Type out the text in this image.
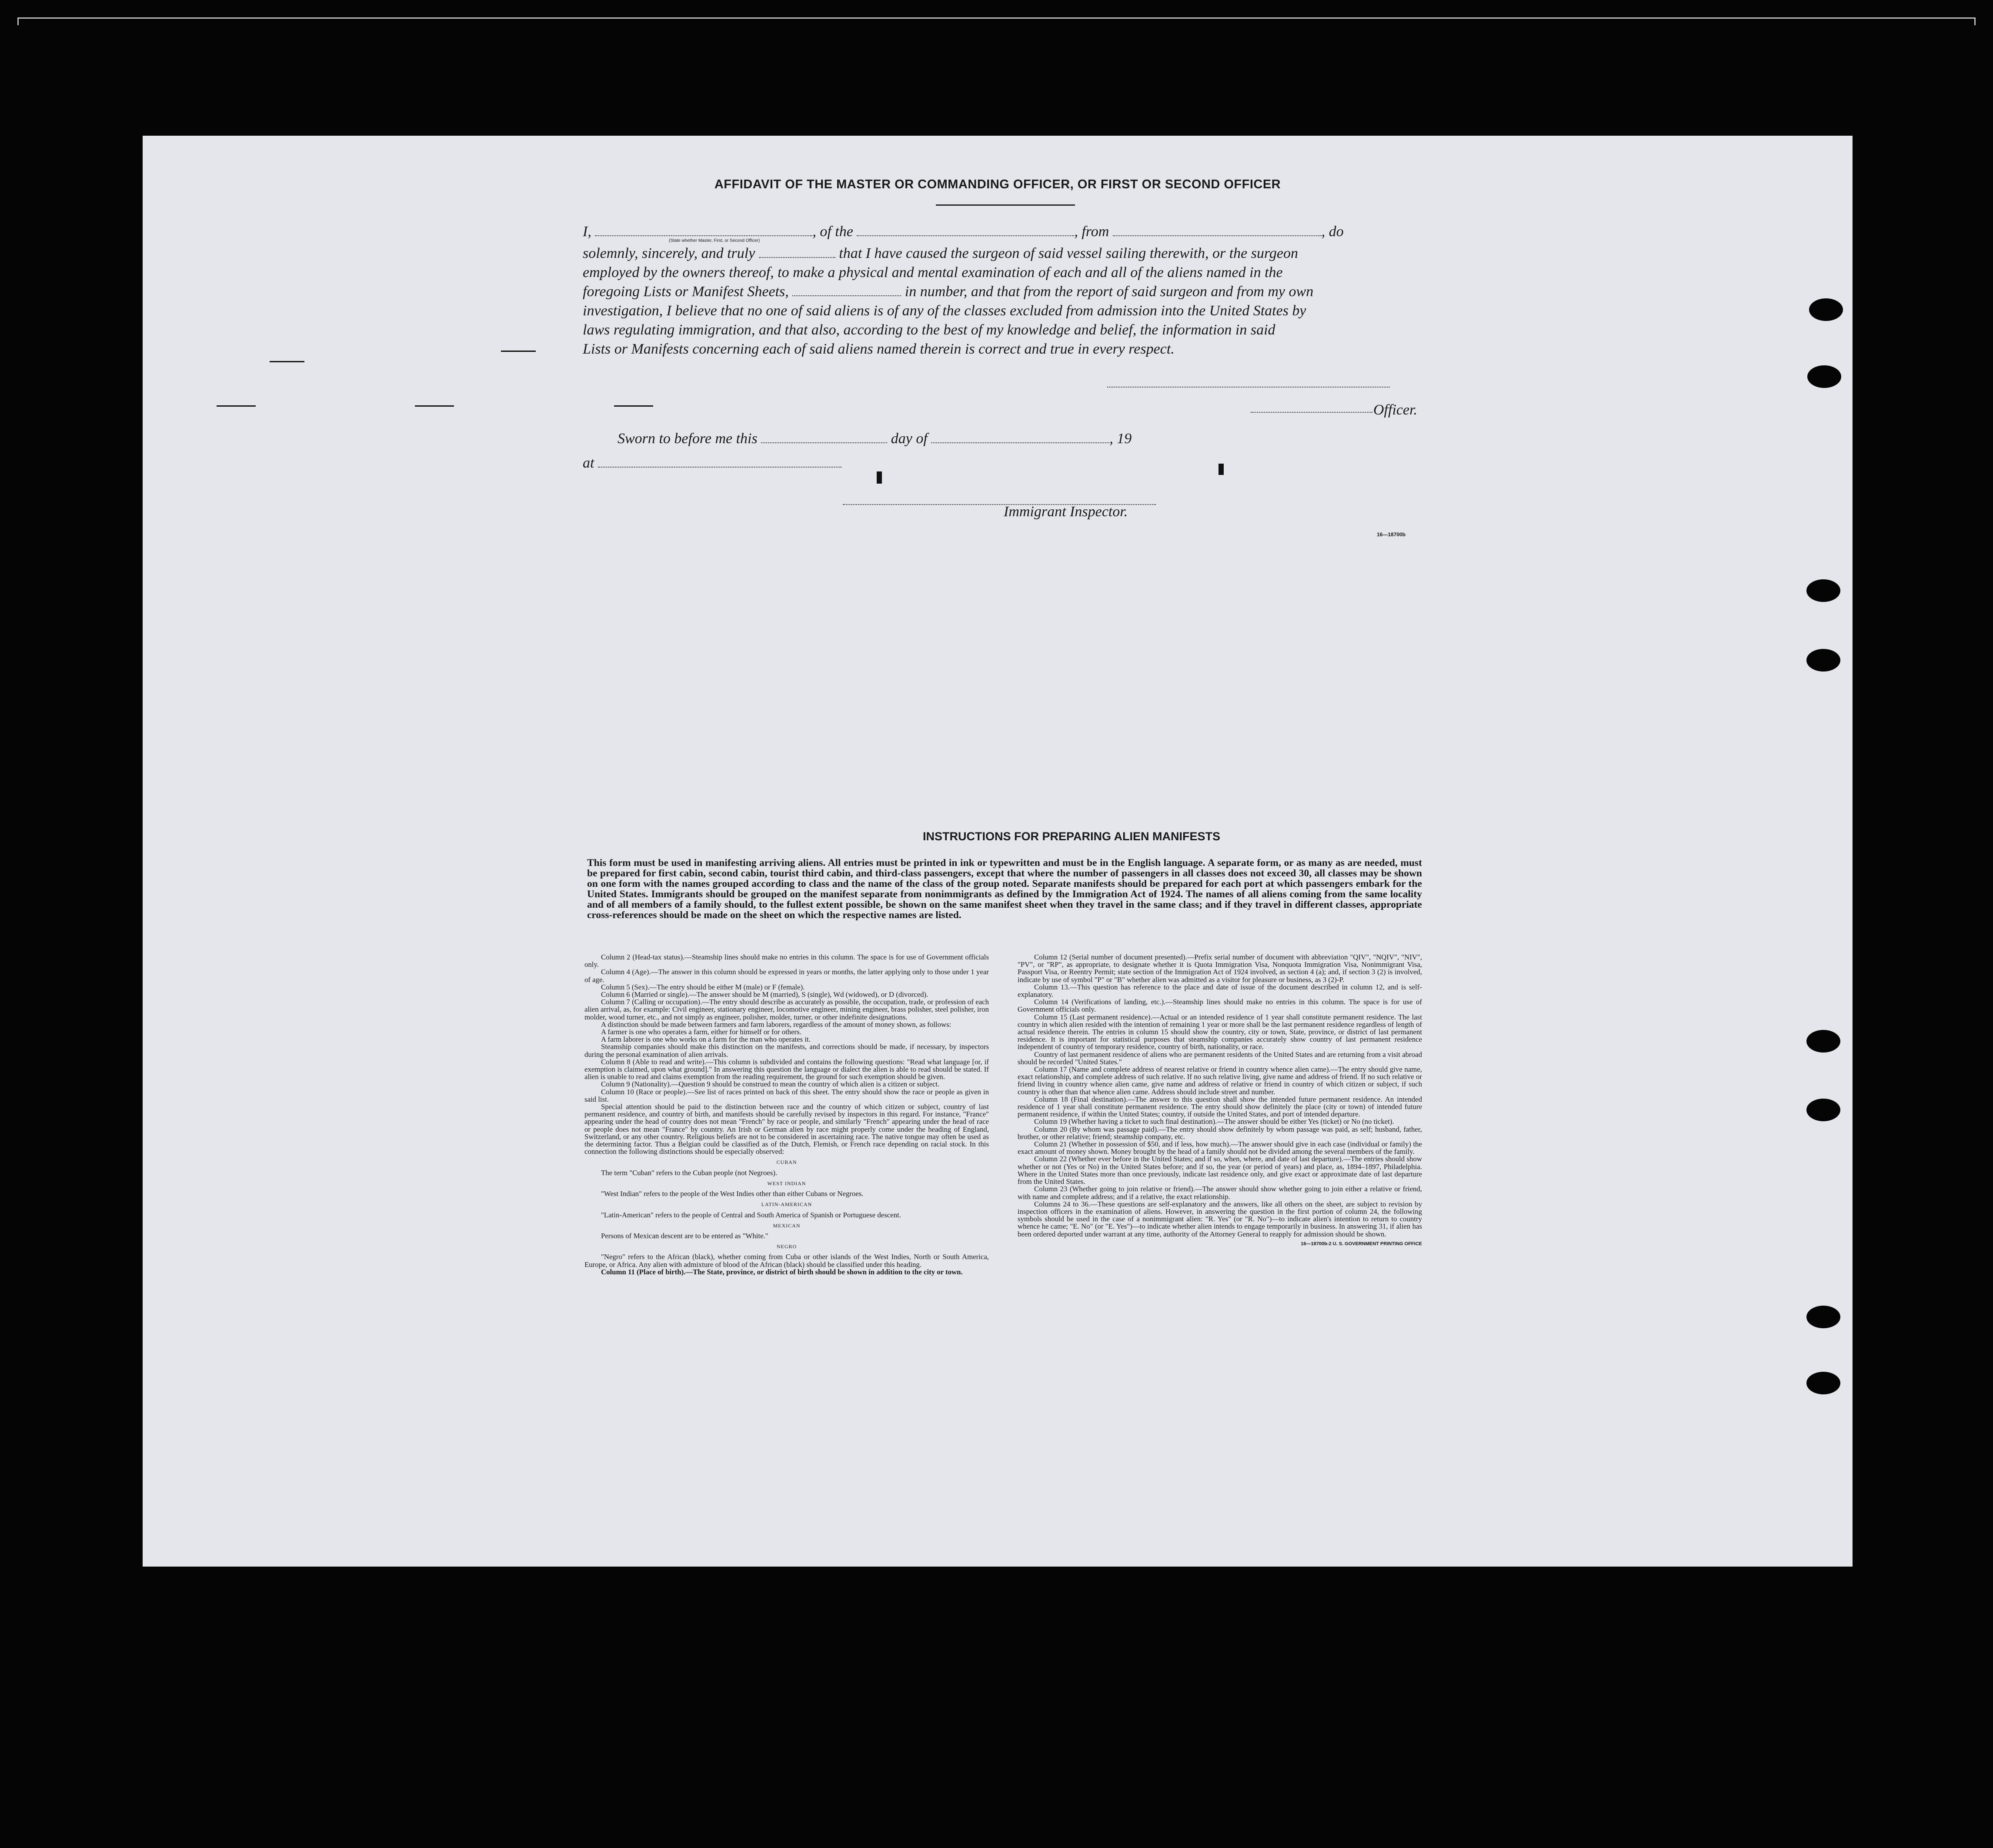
AFFIDAVIT OF THE MASTER OR COMMANDING OFFICER, OR FIRST OR SECOND OFFICER
I,	, of the	, from	, do
(State whether Master, First, or Second Officer)
solemnly, sincerely, and truly	that I have caused the surgeon of said vessel sailing therewith, or the surgeon
employed by the owners thereof, to make a physical and mental examination of each and all of the aliens named in the
foregoing Lists or Manifest Sheets,	in number, and that from the report of said surgeon and from my own
investigation, I believe that no one of said aliens is of any of the classes excluded from admission into the United States by
laws regulating immigration, and that also, according to the best of my knowledge and belief, the information in said
Lists or Manifests concerning each of said aliens named therein is correct and true in every respect.
Officer.
Sworn to before me this	day of	, 19
at
Immigrant Inspector.
16—18700b
INSTRUCTIONS FOR PREPARING ALIEN MANIFESTS
This form must be used in manifesting arriving aliens. All entries must be printed in ink or typewritten and must be in the English language. A separate form, or as many as are needed, must be prepared for first cabin, second cabin, tourist third cabin, and third-class passengers, except that where the number of passengers in all classes does not exceed 30, all classes may be shown on one form with the names grouped according to class and the name of the class of the group noted. Separate manifests should be prepared for each port at which passengers embark for the United States. Immigrants should be grouped on the manifest separate from nonimmigrants as defined by the Immigration Act of 1924. The names of all aliens coming from the same locality and of all members of a family should, to the fullest extent possible, be shown on the same manifest sheet when they travel in the same class; and if they travel in different classes, appropriate cross-references should be made on the sheet on which the respective names are listed.

Column 2 (Head-tax status).—Steamship lines should make no entries in this column. The space is for use of Government officials only.

Column 4 (Age).—The answer in this column should be expressed in years or months, the latter applying only to those under 1 year of age.

Column 5 (Sex).—The entry should be either M (male) or F (female).

Column 6 (Married or single).—The answer should be M (married), S (single), Wd (widowed), or D (divorced).

Column 7 (Calling or occupation).—The entry should describe as accurately as possible, the occupation, trade, or profession of each alien arrival, as, for example: Civil engineer, stationary engineer, locomotive engineer, mining engineer, brass polisher, steel polisher, iron molder, wood turner, etc., and not simply as engineer, polisher, molder, turner, or other indefinite designations.

A distinction should be made between farmers and farm laborers, regardless of the amount of money shown, as follows:

A farmer is one who operates a farm, either for himself or for others.

A farm laborer is one who works on a farm for the man who operates it.

Steamship companies should make this distinction on the manifests, and corrections should be made, if necessary, by inspectors during the personal examination of alien arrivals.

Column 8 (Able to read and write).—This column is subdivided and contains the following questions: "Read what language [or, if exemption is claimed, upon what ground]." In answering this question the language or dialect the alien is able to read should be stated. If alien is unable to read and claims exemption from the reading requirement, the ground for such exemption should be given.

Column 9 (Nationality).—Question 9 should be construed to mean the country of which alien is a citizen or subject.

Column 10 (Race or people).—See list of races printed on back of this sheet. The entry should show the race or people as given in said list.

Special attention should be paid to the distinction between race and the country of which citizen or subject, country of last permanent residence, and country of birth, and manifests should be carefully revised by inspectors in this regard. For instance, "France" appearing under the head of country does not mean "French" by race or people, and similarly "French" appearing under the head of race or people does not mean "France" by country. An Irish or German alien by race might properly come under the heading of England, Switzerland, or any other country. Religious beliefs are not to be considered in ascertaining race. The native tongue may often be used as the determining factor. Thus a Belgian could be classified as of the Dutch, Flemish, or French race depending on racial stock. In this connection the following distinctions should be especially observed:

CUBAN

The term "Cuban" refers to the Cuban people (not Negroes).

WEST INDIAN

"West Indian" refers to the people of the West Indies other than either Cubans or Negroes.

LATIN-AMERICAN

"Latin-American" refers to the people of Central and South America of Spanish or Portuguese descent.

MEXICAN

Persons of Mexican descent are to be entered as "White."

NEGRO

"Negro" refers to the African (black), whether coming from Cuba or other islands of the West Indies, North or South America, Europe, or Africa. Any alien with admixture of blood of the African (black) should be classified under this heading.

Column 11 (Place of birth).—The State, province, or district of birth should be shown in addition to the city or town.

Column 12 (Serial number of document presented).—Prefix serial number of document with abbreviation "QIV", "NQIV", "NIV", "PV", or "RP", as appropriate, to designate whether it is Quota Immigration Visa, Nonquota Immigration Visa, Nonimmigrant Visa, Passport Visa, or Reentry Permit; state section of the Immigration Act of 1924 involved, as section 4 (a); and, if section 3 (2) is involved, indicate by use of symbol "P" or "B" whether alien was admitted as a visitor for pleasure or business, as 3 (2)-P.

Column 13.—This question has reference to the place and date of issue of the document described in column 12, and is self-explanatory.

Column 14 (Verifications of landing, etc.).—Steamship lines should make no entries in this column. The space is for use of Government officials only.

Column 15 (Last permanent residence).—Actual or an intended residence of 1 year shall constitute permanent residence. The last country in which alien resided with the intention of remaining 1 year or more shall be the last permanent residence regardless of length of actual residence therein. The entries in column 15 should show the country, city or town, State, province, or district of last permanent residence. It is important for statistical purposes that steamship companies accurately show country of last permanent residence independent of country of temporary residence, country of birth, nationality, or race.

Country of last permanent residence of aliens who are permanent residents of the United States and are returning from a visit abroad should be recorded "United States."

Column 17 (Name and complete address of nearest relative or friend in country whence alien came).—The entry should give name, exact relationship, and complete address of such relative. If no such relative living, give name and address of friend. If no such relative or friend living in country whence alien came, give name and address of relative or friend in country of which citizen or subject, if such country is other than that whence alien came. Address should include street and number.

Column 18 (Final destination).—The answer to this question shall show the intended future permanent residence. An intended residence of 1 year shall constitute permanent residence. The entry should show definitely the place (city or town) of intended future permanent residence, if within the United States; country, if outside the United States, and port of intended departure.

Column 19 (Whether having a ticket to such final destination).—The answer should be either Yes (ticket) or No (no ticket).

Column 20 (By whom was passage paid).—The entry should show definitely by whom passage was paid, as self; husband, father, brother, or other relative; friend; steamship company, etc.

Column 21 (Whether in possession of $50, and if less, how much).—The answer should give in each case (individual or family) the exact amount of money shown. Money brought by the head of a family should not be divided among the several members of the family.

Column 22 (Whether ever before in the United States; and if so, when, where, and date of last departure).—The entries should show whether or not (Yes or No) in the United States before; and if so, the year (or period of years) and place, as, 1894–1897, Philadelphia. Where in the United States more than once previously, indicate last residence only, and give exact or approximate date of last departure from the United States.

Column 23 (Whether going to join relative or friend).—The answer should show whether going to join either a relative or friend, with name and complete address; and if a relative, the exact relationship.

Columns 24 to 36.—These questions are self-explanatory and the answers, like all others on the sheet, are subject to revision by inspection officers in the examination of aliens. However, in answering the question in the first portion of column 24, the following symbols should be used in the case of a nonimmigrant alien: "R. Yes" (or "R. No")—to indicate alien's intention to return to country whence he came; "E. No" (or "E. Yes")—to indicate whether alien intends to engage temporarily in business. In answering 31, if alien has been ordered deported under warrant at any time, authority of the Attorney General to reapply for admission should be shown.

16—18700b-2 U. S. GOVERNMENT PRINTING OFFICE
